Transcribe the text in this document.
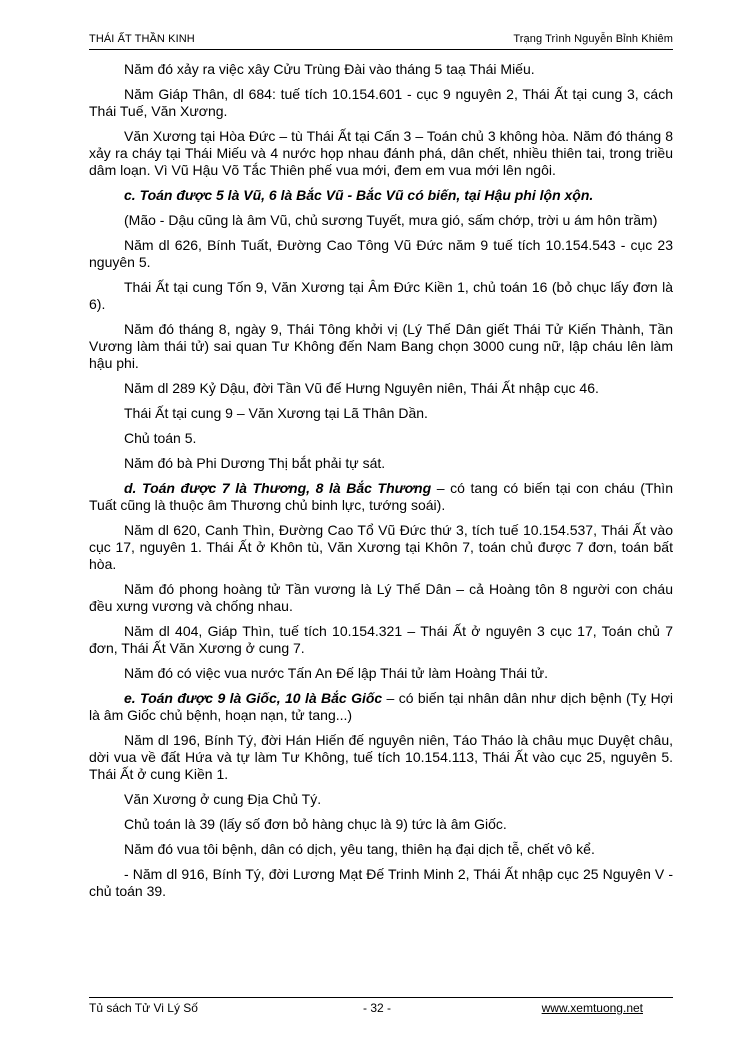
THÁI ẤT THẦN KINH	Trạng Trình Nguyễn Bỉnh Khiêm

Năm đó xảy ra việc xây Cửu Trùng Đài vào tháng 5 taạ Thái Miếu.

Năm Giáp Thân, dl 684: tuế tích 10.154.601 - cục 9 nguyên 2, Thái Ất tại cung 3, cách Thái Tuế, Văn Xương.

Văn Xương tại Hòa Đức – tù Thái Ất tại Cấn 3 – Toán chủ 3 không hòa. Năm đó tháng 8 xảy ra cháy tại Thái Miếu và 4 nước họp nhau đánh phá, dân chết, nhiều thiên tai, trong triều dâm loạn. Vì Vũ Hậu Võ Tắc Thiên phế vua mới, đem em vua mới lên ngôi.

c. Toán được 5 là Vũ, 6 là Bắc Vũ - Bắc Vũ có biến, tại Hậu phi lộn xộn.

(Mão - Dậu cũng là âm Vũ, chủ sương Tuyết, mưa gió, sấm chớp, trời u ám hôn trầm)

Năm dl 626, Bính Tuất, Đường Cao Tông Vũ Đức năm 9 tuế tích 10.154.543 - cục 23 nguyên 5.

Thái Ất tại cung Tốn 9, Văn Xương tại Âm Đức Kiền 1, chủ toán 16 (bỏ chục lấy đơn là 6).

Năm đó tháng 8, ngày 9, Thái Tông khởi vị (Lý Thế Dân giết Thái Tử Kiến Thành, Tần Vương làm thái tử) sai quan Tư Không đến Nam Bang chọn 3000 cung nữ, lập cháu lên làm hậu phi.

Năm dl 289 Kỷ Dậu, đời Tần Vũ đế Hưng Nguyên niên, Thái Ất nhập cục 46.

Thái Ất tại cung 9 – Văn Xương tại Lã Thân Dần.

Chủ toán 5.

Năm đó bà Phi Dương Thị bắt phải tự sát.

d. Toán được 7 là Thương, 8 là Bắc Thương – có tang có biến tại con cháu (Thìn Tuất cũng là thuộc âm Thương chủ binh lực, tướng soái).

Năm dl 620, Canh Thìn, Đường Cao Tổ Vũ Đức thứ 3, tích tuế 10.154.537, Thái Ất vào cục 17, nguyên 1. Thái Ất ở Khôn tù, Văn Xương tại Khôn 7, toán chủ được 7 đơn, toán bất hòa.

Năm đó phong hoàng tử Tần vương là Lý Thế Dân – cả Hoàng tôn 8 người con cháu đều xưng vương và chống nhau.

Năm dl 404, Giáp Thìn, tuế tích 10.154.321 – Thái Ất ở nguyên 3 cục 17, Toán chủ 7 đơn, Thái Ất Văn Xương ở cung 7.

Năm đó có việc vua nước Tấn An Đế lập Thái tử làm Hoàng Thái tử.

e. Toán được 9 là Giốc, 10 là Bắc Giốc – có biến tại nhân dân như dịch bệnh (Tỵ Hợi là âm Giốc chủ bệnh, hoạn nạn, tử tang...)

Năm dl 196, Bính Tý, đời Hán Hiến đế nguyên niên, Táo Tháo là châu mục Duyệt châu, dời vua về đất Hứa và tự làm Tư Không, tuế tích 10.154.113, Thái Ất vào cục 25, nguyên 5. Thái Ất ở cung Kiền 1.

Văn Xương ở cung Địa Chủ Tý.

Chủ toán là 39 (lấy số đơn bỏ hàng chục là 9) tức là âm Giốc.

Năm đó vua tôi bệnh, dân có dịch, yêu tang, thiên hạ đại dịch tễ, chết vô kể.

- Năm dl 916, Bính Tý, đời Lương Mạt Đế Trinh Minh 2, Thái Ất nhập cục 25 Nguyên V - chủ toán 39.

Tủ sách Tử Vi Lý Số	- 32 -	www.xemtuong.net
